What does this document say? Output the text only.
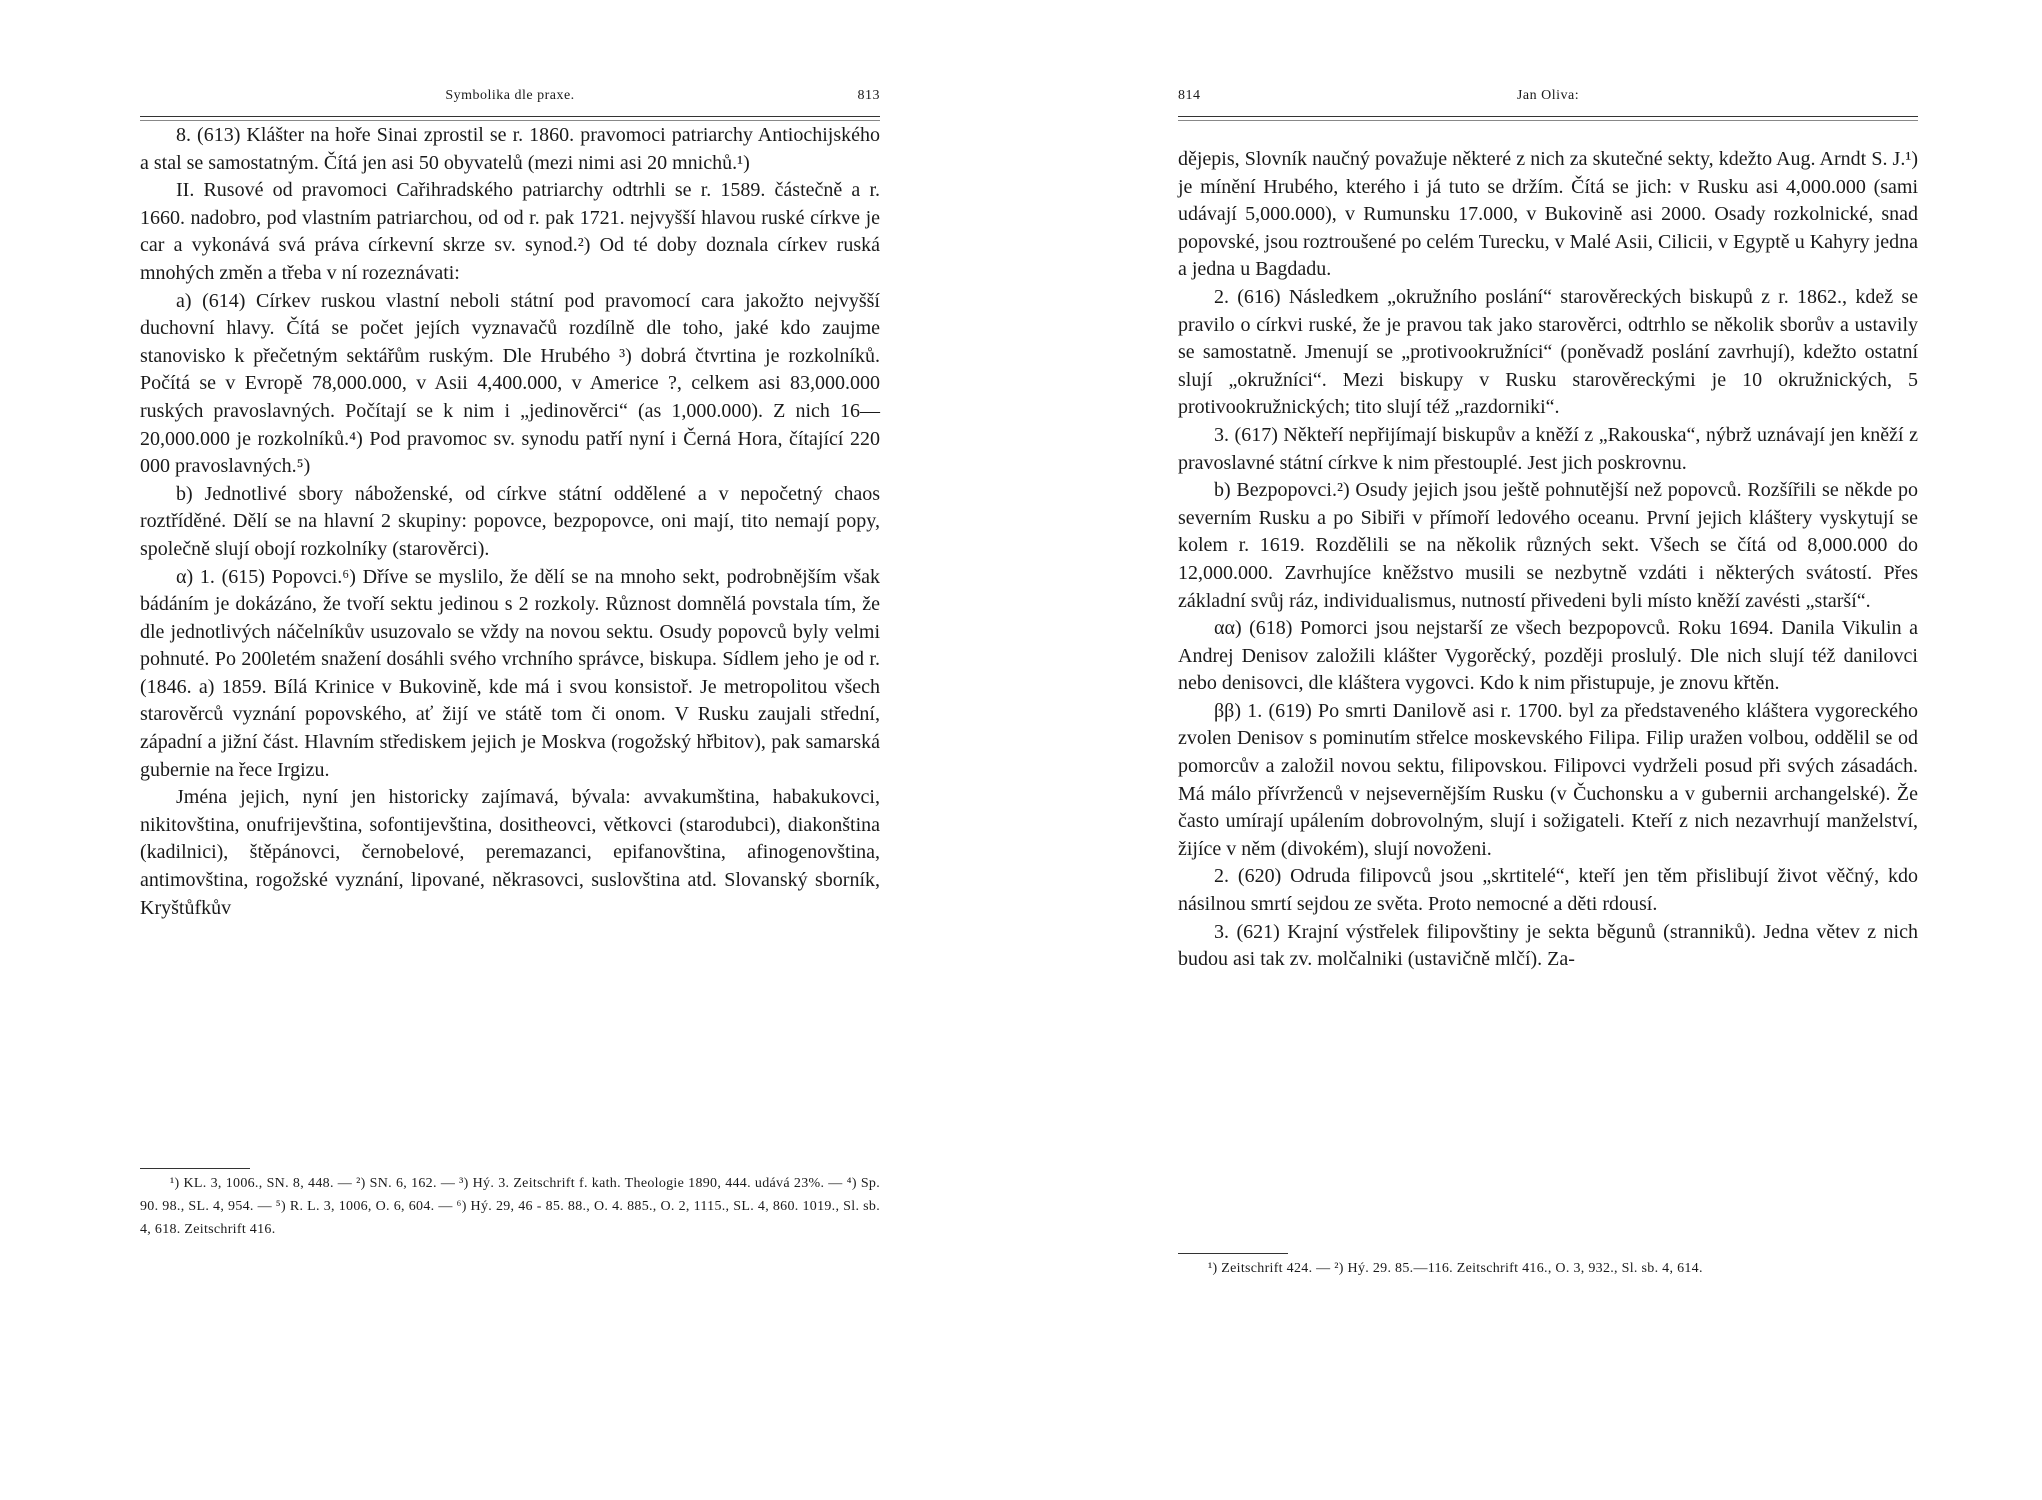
Symbolika dle praxe.	813

8. (613) Klášter na hoře Sinai zprostil se r. 1860. pravomoci patriarchy Antiochijského a stal se samostatným. Čítá jen asi 50 obyvatelů (mezi nimi asi 20 mnichů.¹)

II. Rusové od pravomoci Cařihradského patriarchy odtrhli se r. 1589. částečně a r. 1660. nadobro, pod vlastním patriarchou, od od r. pak 1721. nejvyšší hlavou ruské církve je car a vykonává svá práva církevní skrze sv. synod.²) Od té doby doznala církev ruská mnohých změn a třeba v ní rozeznávati:

a) (614) Církev ruskou vlastní neboli státní pod pravomocí cara jakožto nejvyšší duchovní hlavy. Čítá se počet jejích vyznavačů rozdílně dle toho, jaké kdo zaujme stanovisko k přečetným sektářům ruským. Dle Hrubého ³) dobrá čtvrtina je rozkolníků. Počítá se v Evropě 78,000.000, v Asii 4,400.000, v Americe ?, celkem asi 83,000.000 ruských pravoslavných. Počítají se k nim i „jedinověrci“ (as 1,000.000). Z nich 16—20,000.000 je rozkolníků.⁴) Pod pravomoc sv. synodu patří nyní i Černá Hora, čítající 220 000 pravoslavných.⁵)

b) Jednotlivé sbory náboženské, od církve státní oddělené a v nepočetný chaos roztříděné. Dělí se na hlavní 2 skupiny: popovce, bezpopovce, oni mají, tito nemají popy, společně slují obojí rozkolníky (starověrci).

α) 1. (615) Popovci.⁶) Dříve se myslilo, že dělí se na mnoho sekt, podrobnějším však bádáním je dokázáno, že tvoří sektu jedinou s 2 rozkoly. Různost domnělá povstala tím, že dle jednotlivých náčelníkův usuzovalo se vždy na novou sektu. Osudy popovců byly velmi pohnuté. Po 200letém snažení dosáhli svého vrchního správce, biskupa. Sídlem jeho je od r. (1846. a) 1859. Bílá Krinice v Bukovině, kde má i svou konsistoř. Je metropolitou všech starověrců vyznání popovského, ať žijí ve státě tom či onom. V Rusku zaujali střední, západní a jižní část. Hlavním střediskem jejich je Moskva (rogožský hřbitov), pak samarská gubernie na řece Irgizu.

Jména jejich, nyní jen historicky zajímavá, bývala: avvakumština, habakukovci, nikitovština, onufrijevština, sofontijevština, dositheovci, větkovci (starodubci), diakonština (kadilnici), štěpánovci, černobelové, peremazanci, epifanovština, afinogenovština, antimovština, rogožské vyznání, lipované, někrasovci, suslovština atd. Slovanský sborník, Kryštůfkův

¹) KL. 3, 1006., SN. 8, 448. — ²) SN. 6, 162. — ³) Hý. 3. Zeitschrift f. kath. Theologie 1890, 444. udává 23%. — ⁴) Sp. 90. 98., SL. 4, 954. — ⁵) R. L. 3, 1006, O. 6, 604. — ⁶) Hý. 29, 46 - 85. 88., O. 4. 885., O. 2, 1115., SL. 4, 860. 1019., Sl. sb. 4, 618. Zeitschrift 416.

814	Jan Oliva:

dějepis, Slovník naučný považuje některé z nich za skutečné sekty, kdežto Aug. Arndt S. J.¹) je mínění Hrubého, kterého i já tuto se držím. Čítá se jich: v Rusku asi 4,000.000 (sami udávají 5,000.000), v Rumunsku 17.000, v Bukovině asi 2000. Osady rozkolnické, snad popovské, jsou roztroušené po celém Turecku, v Malé Asii, Cilicii, v Egyptě u Kahyry jedna a jedna u Bagdadu.

2. (616) Následkem „okružního poslání“ starověreckých biskupů z r. 1862., kdež se pravilo o církvi ruské, že je pravou tak jako starověrci, odtrhlo se několik sborův a ustavily se samostatně. Jmenují se „protivookružníci“ (poněvadž poslání zavrhují), kdežto ostatní slují „okružníci“. Mezi biskupy v Rusku starověreckými je 10 okružnických, 5 protivookružnických; tito slují též „razdorniki“.

3. (617) Někteří nepřijímají biskupův a kněží z „Rakouska“, nýbrž uznávají jen kněží z pravoslavné státní církve k nim přestouplé. Jest jich poskrovnu.

b) Bezpopovci.²) Osudy jejich jsou ještě pohnutější než popovců. Rozšířili se někde po severním Rusku a po Sibiři v přímoří ledového oceanu. První jejich kláštery vyskytují se kolem r. 1619. Rozdělili se na několik různých sekt. Všech se čítá od 8,000.000 do 12,000.000. Zavrhujíce kněžstvo musili se nezbytně vzdáti i některých svátostí. Přes základní svůj ráz, individualismus, nutností přivedeni byli místo kněží zavésti „starší“.

αα) (618) Pomorci jsou nejstarší ze všech bezpopovců. Roku 1694. Danila Vikulin a Andrej Denisov založili klášter Vygorěcký, později proslulý. Dle nich slují též danilovci nebo denisovci, dle kláštera vygovci. Kdo k nim přistupuje, je znovu křtěn.

ββ) 1. (619) Po smrti Danilově asi r. 1700. byl za představeného kláštera vygoreckého zvolen Denisov s pominutím střelce moskevského Filipa. Filip uražen volbou, oddělil se od pomorcův a založil novou sektu, filipovskou. Filipovci vydrželi posud při svých zásadách. Má málo přívrženců v nejsevernějším Rusku (v Čuchonsku a v gubernii archangelské). Že často umírají upálením dobrovolným, slují i sožigateli. Kteří z nich nezavrhují manželství, žijíce v něm (divokém), slují novoženi.

2. (620) Odruda filipovců jsou „skrtitelé“, kteří jen těm přislibují život věčný, kdo násilnou smrtí sejdou ze světa. Proto nemocné a děti rdousí.

3. (621) Krajní výstřelek filipovštiny je sekta běgunů (stranniků). Jedna větev z nich budou asi tak zv. molčalniki (ustavičně mlčí). Za-

¹) Zeitschrift 424. — ²) Hý. 29. 85.—116. Zeitschrift 416., O. 3, 932., Sl. sb. 4, 614.
